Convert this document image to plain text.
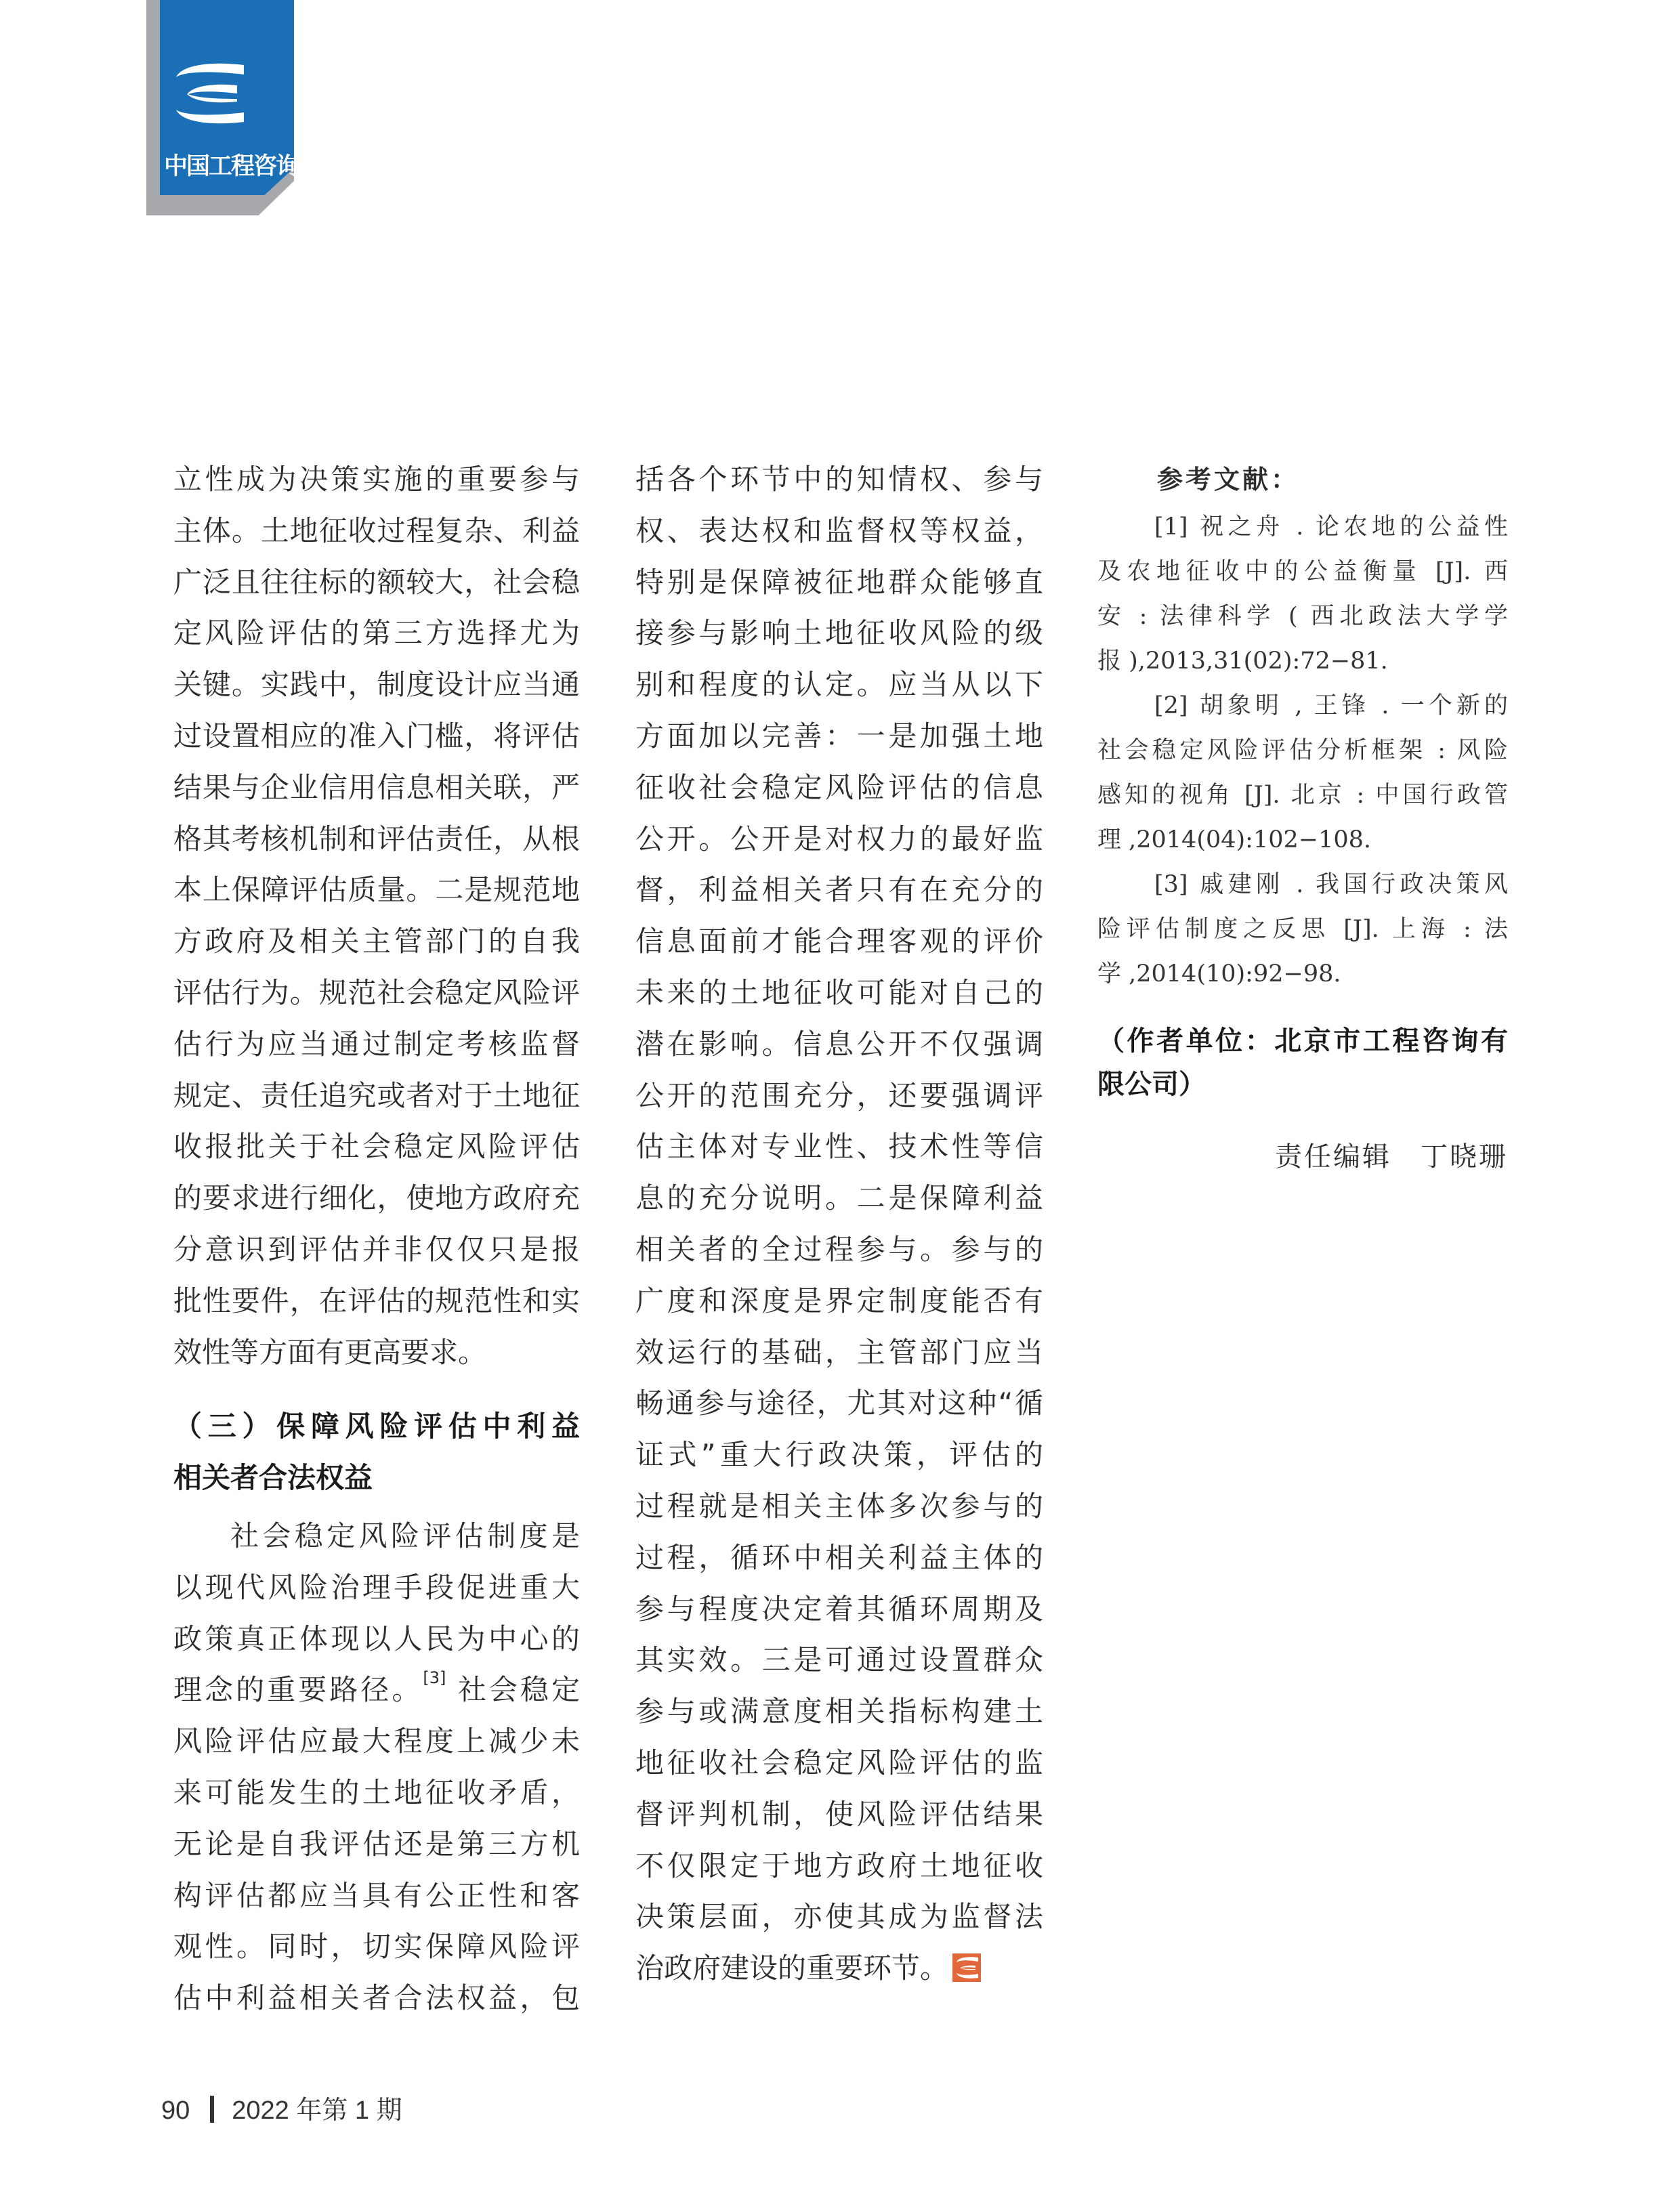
中国工程咨询
立性成为决策实施的重要参与
主体。土地征收过程复杂、利益
广泛且往往标的额较大，社会稳
定风险评估的第三方选择尤为
关键。实践中，制度设计应当通
过设置相应的准入门槛，将评估
结果与企业信用信息相关联，严
格其考核机制和评估责任，从根
本上保障评估质量。二是规范地
方政府及相关主管部门的自我
评估行为。规范社会稳定风险评
估行为应当通过制定考核监督
规定、责任追究或者对于土地征
收报批关于社会稳定风险评估
的要求进行细化，使地方政府充
分意识到评估并非仅仅只是报
批性要件，在评估的规范性和实
效性等方面有更高要求。
（三）保障风险评估中利益
相关者合法权益
社会稳定风险评估制度是
以现代风险治理手段促进重大
政策真正体现以人民为中心的
理念的重要路径。[3] 社会稳定
风险评估应最大程度上减少未
来可能发生的土地征收矛盾，
无论是自我评估还是第三方机
构评估都应当具有公正性和客
观性。同时，切实保障风险评
估中利益相关者合法权益，包
括各个环节中的知情权、参与
权、表达权和监督权等权益，
特别是保障被征地群众能够直
接参与影响土地征收风险的级
别和程度的认定。应当从以下
方面加以完善：一是加强土地
征收社会稳定风险评估的信息
公开。公开是对权力的最好监
督，利益相关者只有在充分的
信息面前才能合理客观的评价
未来的土地征收可能对自己的
潜在影响。信息公开不仅强调
公开的范围充分，还要强调评
估主体对专业性、技术性等信
息的充分说明。二是保障利益
相关者的全过程参与。参与的
广度和深度是界定制度能否有
效运行的基础，主管部门应当
畅通参与途径，尤其对这种“循
证式”重大行政决策，评估的
过程就是相关主体多次参与的
过程，循环中相关利益主体的
参与程度决定着其循环周期及
其实效。三是可通过设置群众
参与或满意度相关指标构建土
地征收社会稳定风险评估的监
督评判机制，使风险评估结果
不仅限定于地方政府土地征收
决策层面，亦使其成为监督法
治政府建设的重要环节。
参考文献：
[1] 祝之舟 . 论农地的公益性
及农地征收中的公益衡量 [J]. 西
安 : 法律科学 ( 西北政法大学学
报 ),2013,31(02):72−81.
[2] 胡象明 , 王锋 . 一个新的
社会稳定风险评估分析框架 : 风险
感知的视角 [J]. 北京 : 中国行政管
理 ,2014(04):102−108.
[3] 戚建刚 . 我国行政决策风
险评估制度之反思 [J]. 上海 : 法
学 ,2014(10):92−98.
（作者单位：北京市工程咨询有
限公司）
责任编辑　丁晓珊
90 2022 年第 1 期
